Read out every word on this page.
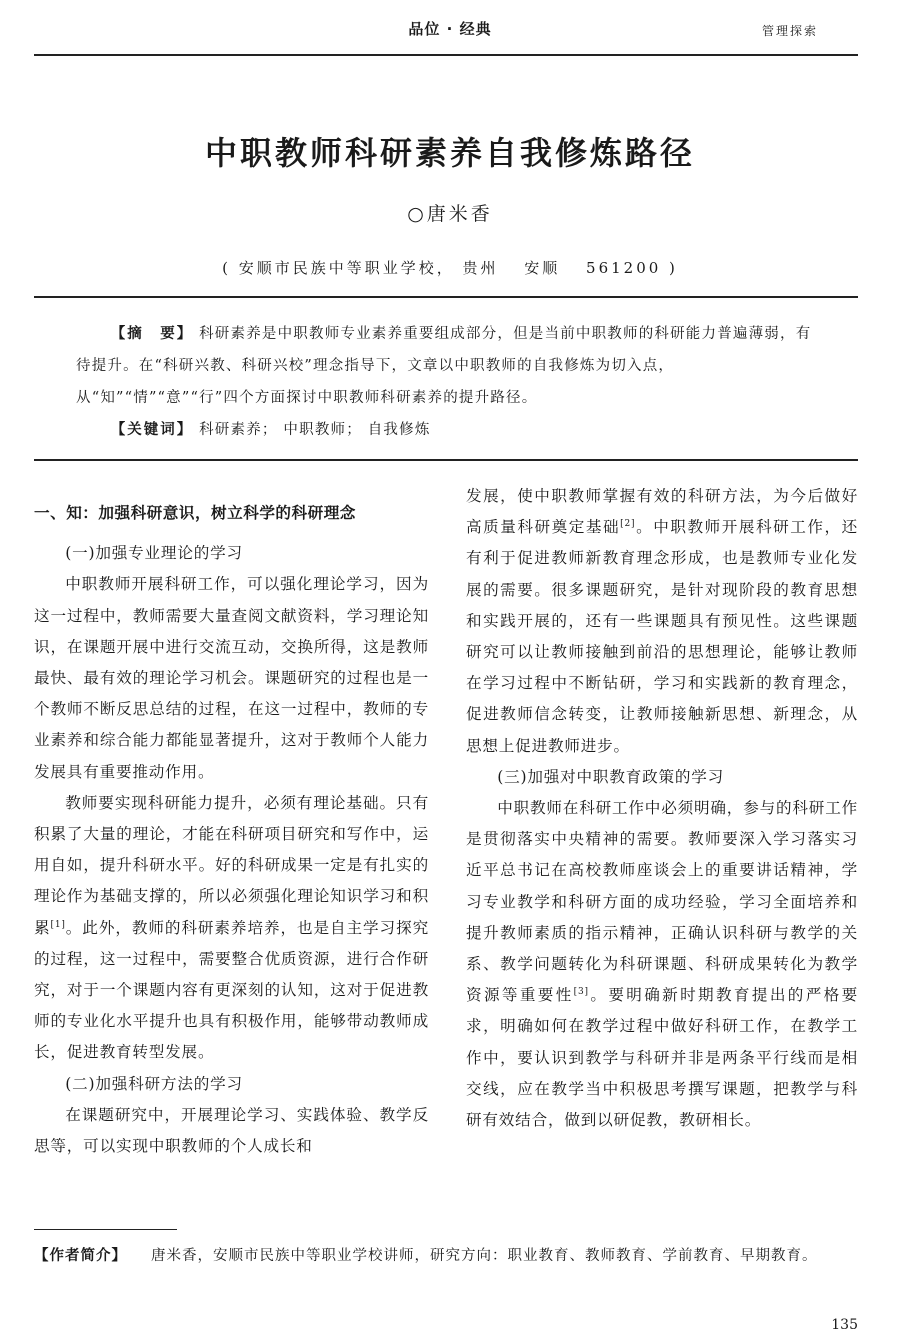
品位 · 经典	管理探索
中职教师科研素养自我修炼路径
○唐米香
( 安顺市民族中等职业学校， 贵州　 安顺　 561200 )

【摘　要】 科研素养是中职教师专业素养重要组成部分，但是当前中职教师的科研能力普遍薄弱，有待提升。在“科研兴教、科研兴校”理念指导下，文章以中职教师的自我修炼为切入点，从“知”“情”“意”“行”四个方面探讨中职教师科研素养的提升路径。

【关键词】 科研素养； 中职教师； 自我修炼

一、知：加强科研意识，树立科学的科研理念
(一)加强专业理论的学习

中职教师开展科研工作，可以强化理论学习，因为这一过程中，教师需要大量查阅文献资料，学习理论知识，在课题开展中进行交流互动，交换所得，这是教师最快、最有效的理论学习机会。课题研究的过程也是一个教师不断反思总结的过程，在这一过程中，教师的专业素养和综合能力都能显著提升，这对于教师个人能力发展具有重要推动作用。

教师要实现科研能力提升，必须有理论基础。只有积累了大量的理论，才能在科研项目研究和写作中，运用自如，提升科研水平。好的科研成果一定是有扎实的理论作为基础支撑的，所以必须强化理论知识学习和积累[1]。此外，教师的科研素养培养，也是自主学习探究的过程，这一过程中，需要整合优质资源，进行合作研究，对于一个课题内容有更深刻的认知，这对于促进教师的专业化水平提升也具有积极作用，能够带动教师成长，促进教育转型发展。

(二)加强科研方法的学习

在课题研究中，开展理论学习、实践体验、教学反思等，可以实现中职教师的个人成长和

发展，使中职教师掌握有效的科研方法，为今后做好高质量科研奠定基础[2]。中职教师开展科研工作，还有利于促进教师新教育理念形成，也是教师专业化发展的需要。很多课题研究，是针对现阶段的教育思想和实践开展的，还有一些课题具有预见性。这些课题研究可以让教师接触到前沿的思想理论，能够让教师在学习过程中不断钻研，学习和实践新的教育理念，促进教师信念转变，让教师接触新思想、新理念，从思想上促进教师进步。

(三)加强对中职教育政策的学习

中职教师在科研工作中必须明确，参与的科研工作是贯彻落实中央精神的需要。教师要深入学习落实习近平总书记在高校教师座谈会上的重要讲话精神，学习专业教学和科研方面的成功经验，学习全面培养和提升教师素质的指示精神，正确认识科研与教学的关系、教学问题转化为科研课题、科研成果转化为教学资源等重要性[3]。要明确新时期教育提出的严格要求，明确如何在教学过程中做好科研工作，在教学工作中，要认识到教学与科研并非是两条平行线而是相交线，应在教学当中积极思考撰写课题，把教学与科研有效结合，做到以研促教，教研相长。

【作者简介】 唐米香，安顺市民族中等职业学校讲师，研究方向：职业教育、教师教育、学前教育、早期教育。
135
